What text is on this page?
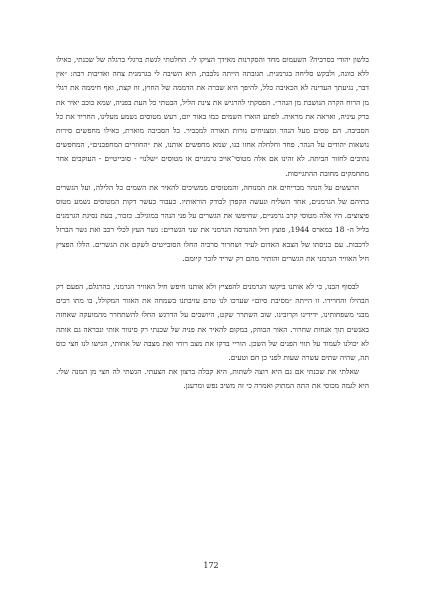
בלשון יהודי בסרביה? השעמום מחד והסקרנות מאידך הציקו לי. החלטתי לגשת ברגלי ברגלה של שכנתי, כאילו ללא כוונה, ולבקש סליחה בגרמנית. תגובתה הייתה נלבבת, היא השיבה לי בגרמנית צחה ואדיבות רבה: ״אין דבר, נגיעתך העדינה לא הכאיבה כלל, להיפך היא שברה את הדממה של החוץ, זוז קצת, ואף חיממה את רגלי מן הרוח הקרה הנושבת מן הנהר״. הפסקתי להרגיש את צינת הליל, הבטתי כל העת בפניה, שמא כוכב יאיר את ברק עיניה, ואראה את מראיה. לפתע הוארו השמים כמו באור יום, רעש מטוסים נשמע מעלינו, החריד את כל הסביבה. הם טסים מעל הנהר ומצניחים נורות תאורה למכביר. כל הסביבה מוארת, כאילו מחפשים סירות נושאות יהודים על הנהר. פחד וחלחלה אחזו בנו, שמא מחפשים אותנו, את ״החוזרים המחפכנים״, המחפשים נתיבים לחזור הביתה. לא זהינו אם אלה מטוסי־אויב גרמניים או מטוסים ״שלנו״ - סובייטיים - העוקבים אחר מתחמקים מחובת ההתגייסות.

הרעשים על הנהר מבריחים את המנוחה, והמטוסים ממשיכים להאיר את השמים כל הלילה, ועל הגשרים בתיהם של הגרמנים, אחד השליח ונעשה הקפדן לבודק הוראותיו. כעבור כעשר דקות המטוסים נשמע מטוס פיצוצים. היו אלה מטוסי קרב גרמניים, שחיפשו את הגשרים על פני הנהר במוגילב. כזכור, בעת נסיגת הגרמנים בליל ה- 18 במארס 1944, פוצץ חיל ההנדסה הגרמני את שני הגשרים: גשר העץ לכלי רכב ואת גשר הברזל לרכבות. עם כניסתו של הצבא האדום לעיר ושחרור סרביה החלו הסובייטים לשקם את הגשרים. הללו הפציץ חיל האוויר הגרמני את הגשרים והותיר מהם רק שריד לזכר קיומם.

לבסוף הבנו, כי לא אותנו ביקשו הגרמנים להפציץ ולא אותנו חיפש חיל האוויר הגרמני, כהרגלם, הפעם רק הבהילו והחרידו. זו הייתה ״מסיבת סיום״ שערכו לנו טרם עזיבתנו בשמחה את האזור המקולל, בו מתו רבים מבני משפחותינו, ידידינו וקרובינו. שוב השתרר שקט, היושבים על הדרגש החלו להשתחרר מהמועקה שאחזה באנשים תוך אנחות שחרור. האור הבוהק, במקום להאיר את פניה של שכנתי רק סינוור אותי ונכראה גם אותה לא יכולנו לעמוד על תווי הפנים של השכן. הוריי בדקו את מצב רוחי ואת מצבה של אחותי, הגישו לנו חצי כוס תה, שהיה שתים עשרה שעות לפני כן חם וטעים.

שאלתי את שכנתי אם גם היא רוצה לשתות, היא קבלה ברצון את הצעתי. הגשתי לה חצי מן המנה שלי. היא לגמה מכוסי את התה המתוק ואמרה כי זה משיב נפש ומרענן.

172
